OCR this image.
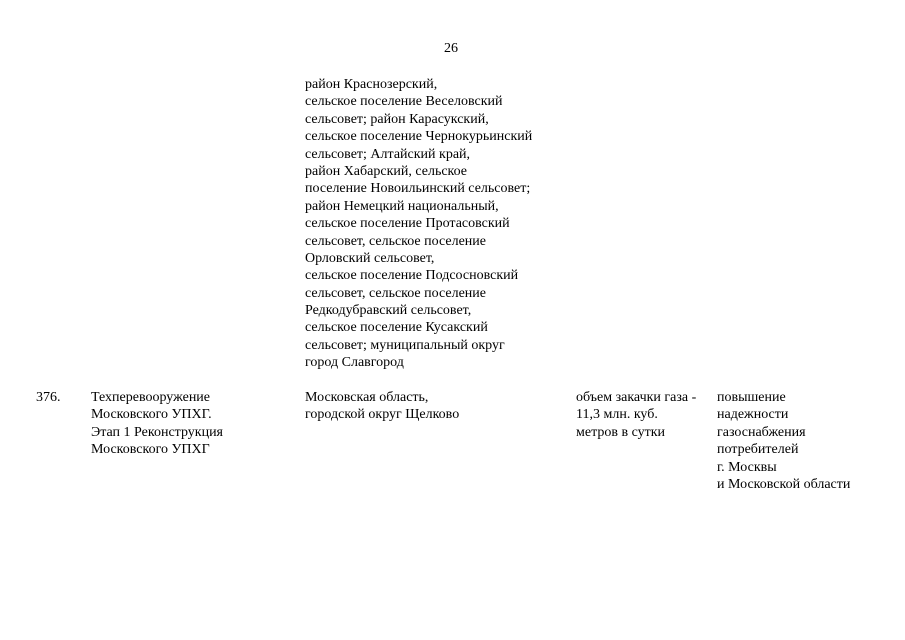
26
район Краснозерский,
сельское поселение Веселовский
сельсовет; район Карасукский,
сельское поселение Чернокурьинский
сельсовет; Алтайский край,
район Хабарский, сельское
поселение Новоильинский сельсовет;
район Немецкий национальный,
сельское поселение Протасовский
сельсовет, сельское поселение
Орловский сельсовет,
сельское поселение Подсосновский
сельсовет, сельское поселение
Редкодубравский сельсовет,
сельское поселение Кусакский
сельсовет; муниципальный округ
город Славгород
376. Техперевооружение
Московского УПХГ.
Этап 1 Реконструкция
Московского УПХГ
Московская область,
городской округ Щелково
объем закачки газа -
11,3 млн. куб.
метров в сутки
повышение
надежности
газоснабжения
потребителей
г. Москвы
и Московской области
